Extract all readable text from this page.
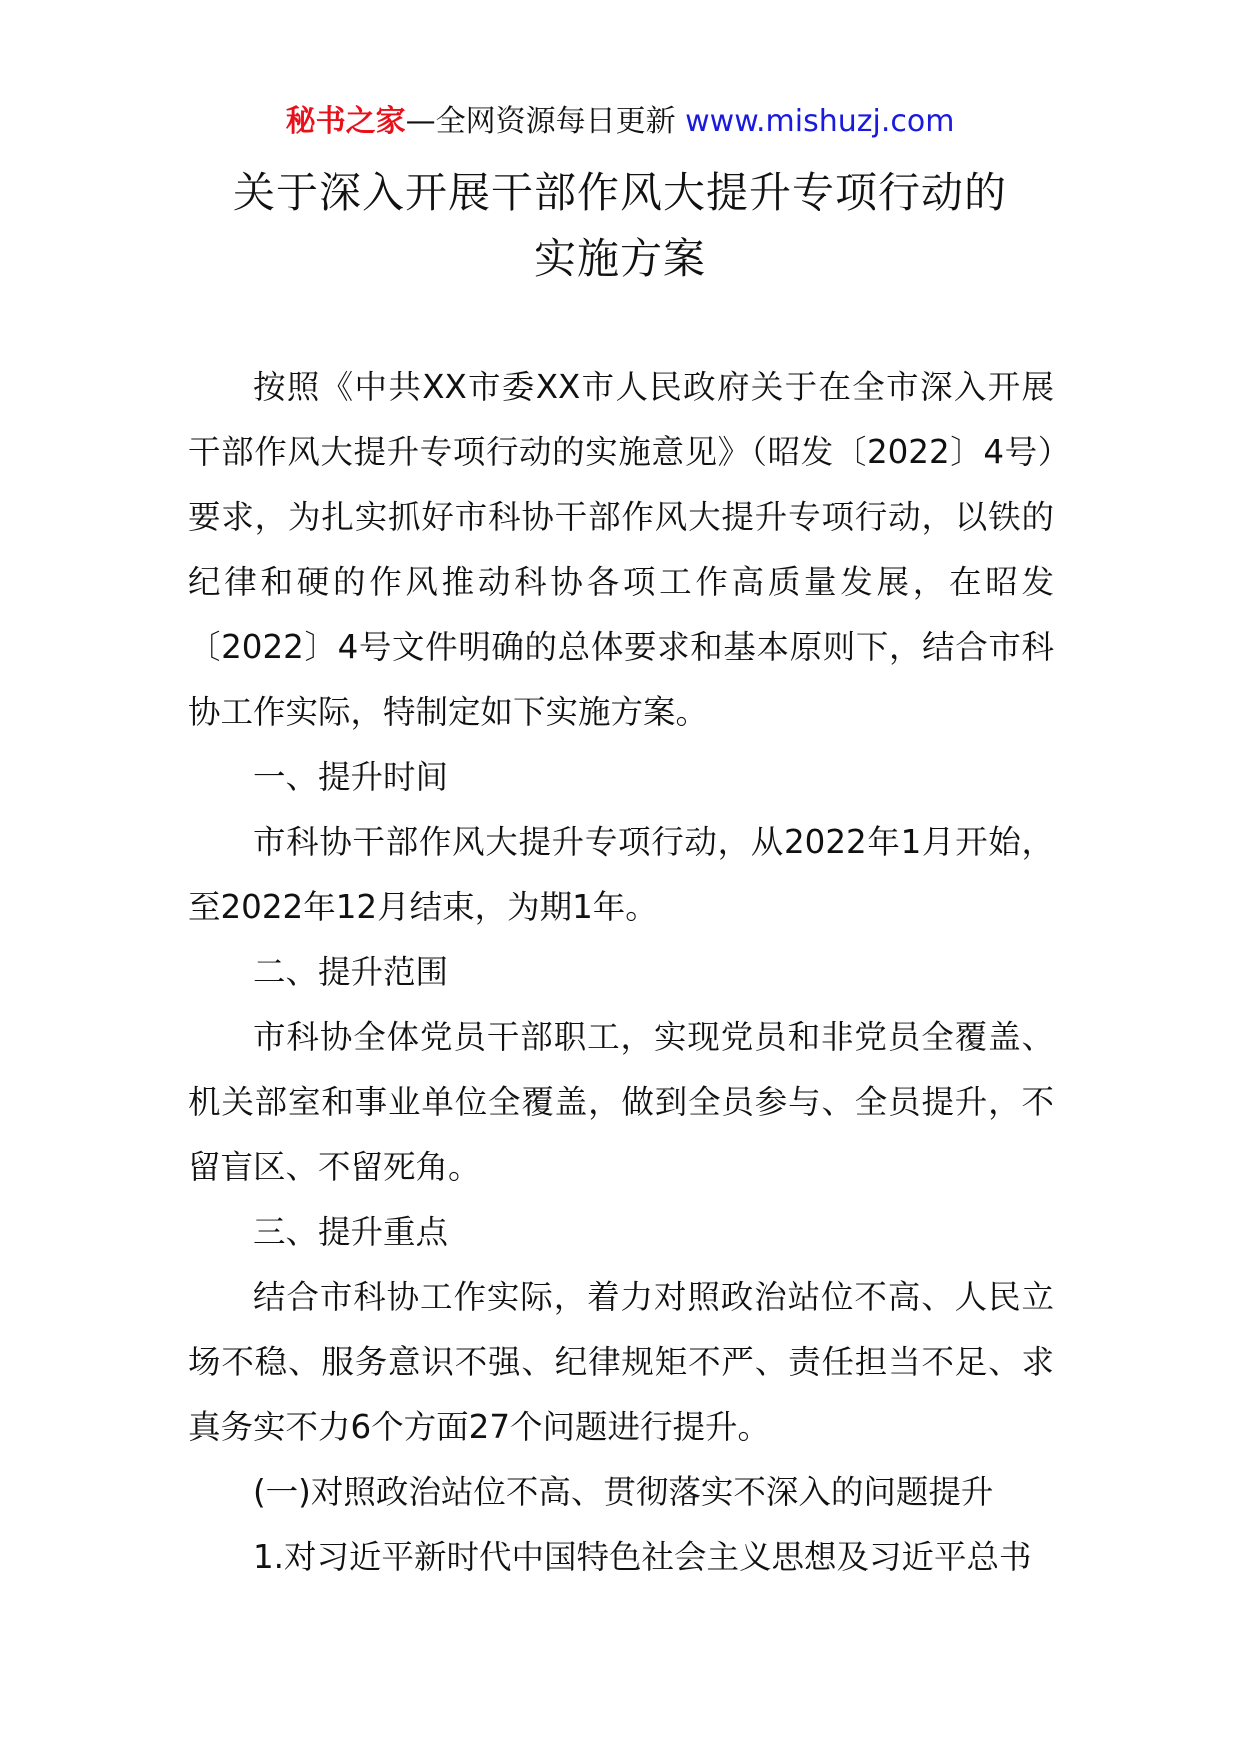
秘书之家—全网资源每日更新 www.mishuzj.com
关于深入开展干部作风大提升专项行动的
实施方案

按照《中共XX市委XX市人民政府关于在全市深入开展干部作风大提升专项行动的实施意见》（昭发〔2022〕4号）要求，为扎实抓好市科协干部作风大提升专项行动，以铁的纪律和硬的作风推动科协各项工作高质量发展，在昭发〔2022〕4号文件明确的总体要求和基本原则下，结合市科协工作实际，特制定如下实施方案。

一、提升时间

市科协干部作风大提升专项行动，从2022年1月开始，至2022年12月结束，为期1年。

二、提升范围

市科协全体党员干部职工，实现党员和非党员全覆盖、机关部室和事业单位全覆盖，做到全员参与、全员提升，不留盲区、不留死角。

三、提升重点

结合市科协工作实际，着力对照政治站位不高、人民立场不稳、服务意识不强、纪律规矩不严、责任担当不足、求真务实不力6个方面27个问题进行提升。

(一)对照政治站位不高、贯彻落实不深入的问题提升

1.对习近平新时代中国特色社会主义思想及习近平总书
